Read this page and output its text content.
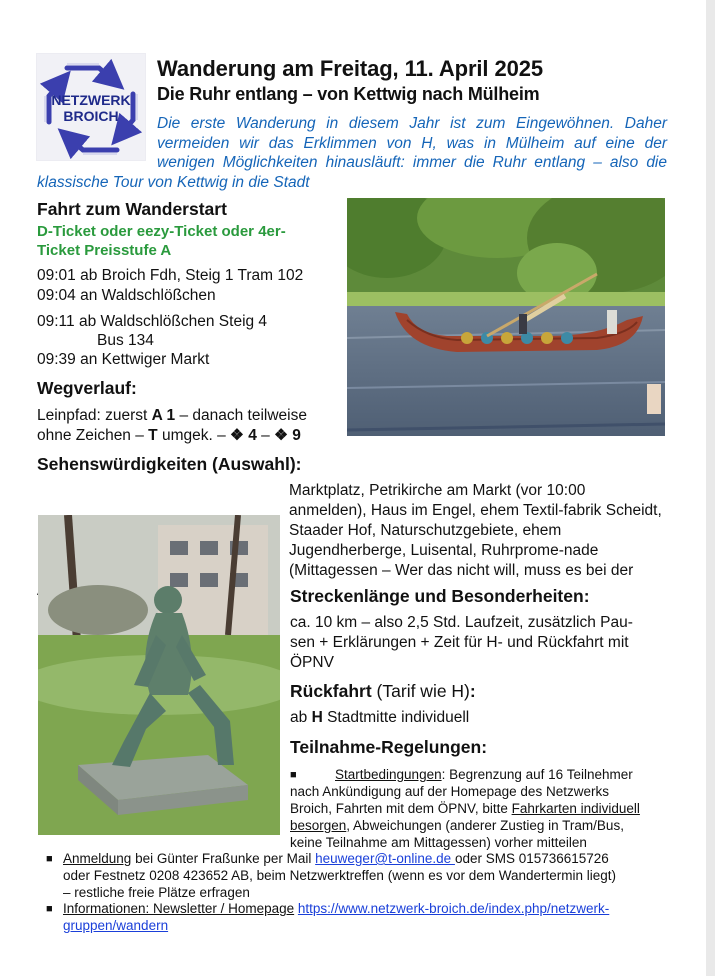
NETZWERK
BROICH
Wanderung am Freitag, 11. April 2025
Die Ruhr entlang – von Kettwig nach Mülheim
Die erste Wanderung in diesem Jahr ist zum Eingewöhnen. Daher vermeiden wir das Erklimmen von H, was in Mülheim auf eine der wenigen Möglichkeiten hinausläuft: immer die Ruhr entlang – also die klassische Tour von Kettwig in die Stadt
Fahrt zum Wanderstart
D-Ticket oder eezy-Ticket oder 4er-
Ticket Preisstufe A
09:01 ab Broich Fdh, Steig 1 Tram 102
09:04 an Waldschlößchen
09:11 ab Waldschlößchen Steig 4
Bus 134
09:39 an Kettwiger Markt
Wegverlauf:
Leinpfad: zuerst A 1 – danach teilweise
ohne Zeichen – T umgek. – ❖ 4 – ❖ 9
Sehenswürdigkeiten (Auswahl):
Marktplatz, Petrikirche am Markt (vor 10:00 anmelden), Haus im Engel, ehem Textil-fabrik Scheidt, Staader Hof, Naturschutzgebiete, ehem Jugendherberge, Luisental, Ruhrprome-nade (Mittagessen – Wer das nicht will, muss es bei der
Streckenlänge und Besonderheiten:
ca. 10 km – also 2,5 Std. Laufzeit, zusätzlich Pau-
sen + Erklärungen + Zeit für H- und Rückfahrt mit
ÖPNV
Rückfahrt (Tarif wie H):
ab H Stadtmitte individuell
Teilnahme-Regelungen:
■	Startbedingungen: Begrenzung auf 16 Teilnehmer
nach Ankündigung auf der Homepage des Netzwerks
Broich, Fahrten mit dem ÖPNV, bitte Fahrkarten individuell
besorgen, Abweichungen (anderer Zustieg in Tram/Bus,
keine Teilnahme am Mittagessen) vorher mitteilen
■ Anmeldung bei Günter Fraßunke per Mail heuweger@t-online.de oder SMS 015736615726
oder Festnetz 0208 423652 AB, beim Netzwerktreffen (wenn es vor dem Wandertermin liegt)
– restliche freie Plätze erfragen
■ Informationen: Newsletter / Homepage https://www.netzwerk-broich.de/index.php/netzwerk-
gruppen/wandern
